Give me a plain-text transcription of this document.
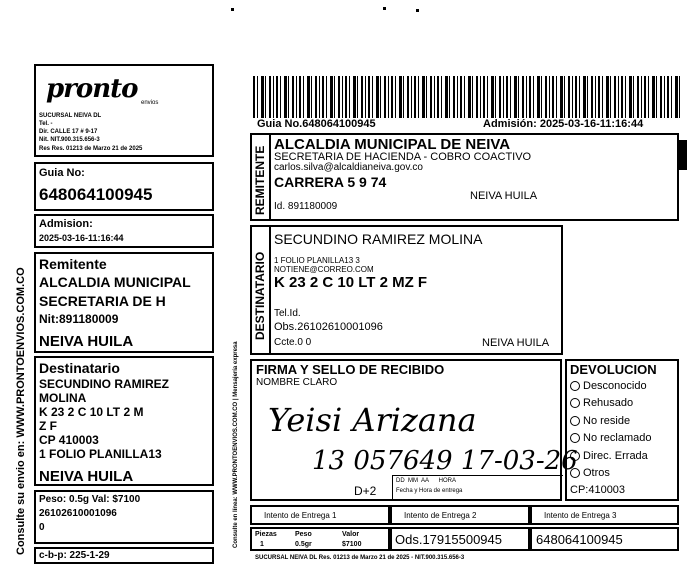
Consulte su envio en: WWW.PRONTOENVIOS.COM.CO
pronto envios
SUCURSAL NEIVA DL
Tel. -
Dir. CALLE 17 # 9-17
Nit. NIT.900.315.656-3
Res Res. 01213 de Marzo 21 de 2025
Guia No:
648064100945
Admision:
2025-03-16-11:16:44
Remitente
ALCALDIA MUNICIPAL
SECRETARIA DE H
Nit:891180009
NEIVA HUILA
Destinatario
SECUNDINO RAMIREZ
MOLINA
K 23 2 C 10 LT 2 M
Z F
CP 410003
1 FOLIO PLANILLA13
NEIVA HUILA
Peso: 0.5g Val: $7100
26102610001096
0
c-b-p: 225-1-29
Guia No.648064100945	Admisión: 2025-03-16-11:16:44
Consulte en línea: WWW.PRONTOENVIOS.COM.CO | Mensajería expresa
REMITENTE
ALCALDIA MUNICIPAL DE NEIVA
SECRETARIA DE HACIENDA - COBRO COACTIVO
carlos.silva@alcaldianeiva.gov.co
CARRERA 5 9 74
NEIVA HUILA
Id. 891180009
DESTINATARIO
SECUNDINO RAMIREZ MOLINA
1 FOLIO PLANILLA13 3
NOTIENE@CORREO.COM
K 23 2 C 10 LT 2 MZ F
Tel.Id.
Obs.26102610001096
Ccte.0 0	NEIVA HUILA
FIRMA Y SELLO DE RECIBIDO
NOMBRE CLARO
Yeisi Arizana
13 057649 17-03-26
D+2
DD  MM  AA      HORA
Fecha y Hora de entrega
DEVOLUCION
Desconocido
Rehusado
No reside
No reclamado
Direc. Errada
Otros
CP:410003
Intento de Entrega 1	Intento de Entrega 2	Intento de Entrega 3
Piezas	Peso	Valor
1	0.5gr	$7100	Ods.17915500945	648064100945
SUCURSAL NEIVA DL Res. 01213 de Marzo 21 de 2025 - NIT.900.315.656-3
